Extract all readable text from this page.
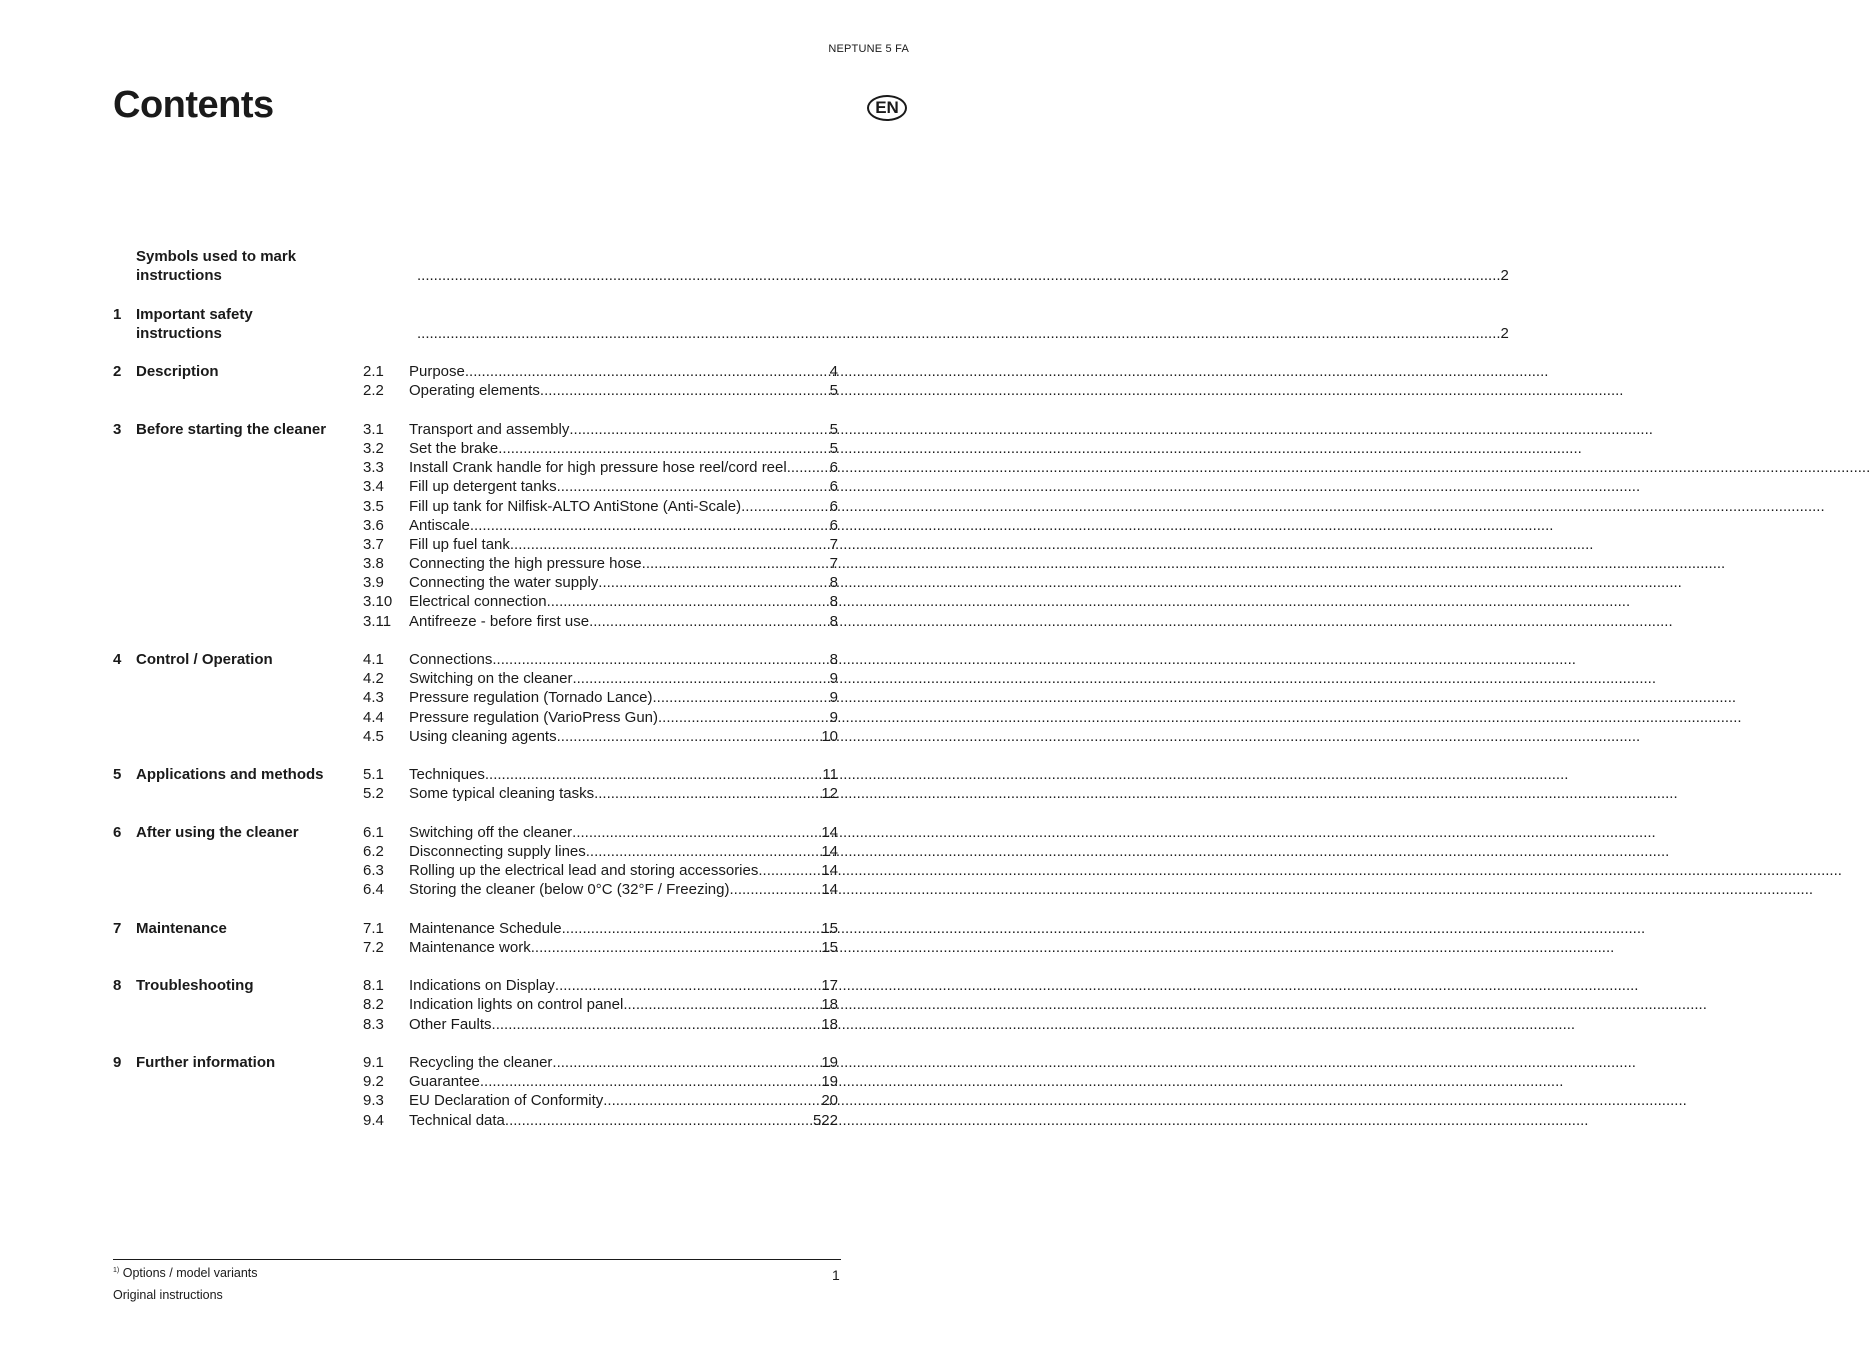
NEPTUNE 5 FA
Contents	EN
Symbols used to mark instructions .....	2
1 Important safety instructions .....	2
2 Description	2.1	Purpose .....	4
2.2	Operating elements .....	5
3 Before starting the cleaner	3.1	Transport and assembly .....	5
3.2	Set the brake .....	5
3.3	Install Crank handle for high pressure hose reel/cord reel .....	6
3.4	Fill up detergent tanks .....	6
3.5	Fill up tank for Nilfisk-ALTO AntiStone (Anti-Scale) .....	6
3.6	Antiscale .....	6
3.7	Fill up fuel tank .....	7
3.8	Connecting the high pressure hose .....	7
3.9	Connecting the water supply .....	8
3.10	Electrical connection .....	8
3.11	Antifreeze - before first use .....	8
4 Control / Operation	4.1	Connections .....	8
4.2	Switching on the cleaner .....	9
4.3	Pressure regulation (Tornado Lance) .....	9
4.4	Pressure regulation (VarioPress Gun) .....	9
4.5	Using cleaning agents .....	10
5 Applications and methods	5.1	Techniques .....	11
5.2	Some typical cleaning tasks .....	12
6 After using the cleaner	6.1	Switching off the cleaner .....	14
6.2	Disconnecting supply lines .....	14
6.3	Rolling up the electrical lead and storing accessories .....	14
6.4	Storing the cleaner (below 0°C (32°F / Freezing) .....	14
7 Maintenance	7.1	Maintenance Schedule .....	15
7.2	Maintenance work .....	15
8 Troubleshooting	8.1	Indications on Display .....	17
8.2	Indication lights on control panel .....	18
8.3	Other Faults .....	18
9 Further information	9.1	Recycling the cleaner .....	19
9.2	Guarantee .....	19
9.3	EU Declaration of Conformity .....	20
9.4	Technical data .....	522
$^{1)}$ Options / model variants
Original instructions
1
